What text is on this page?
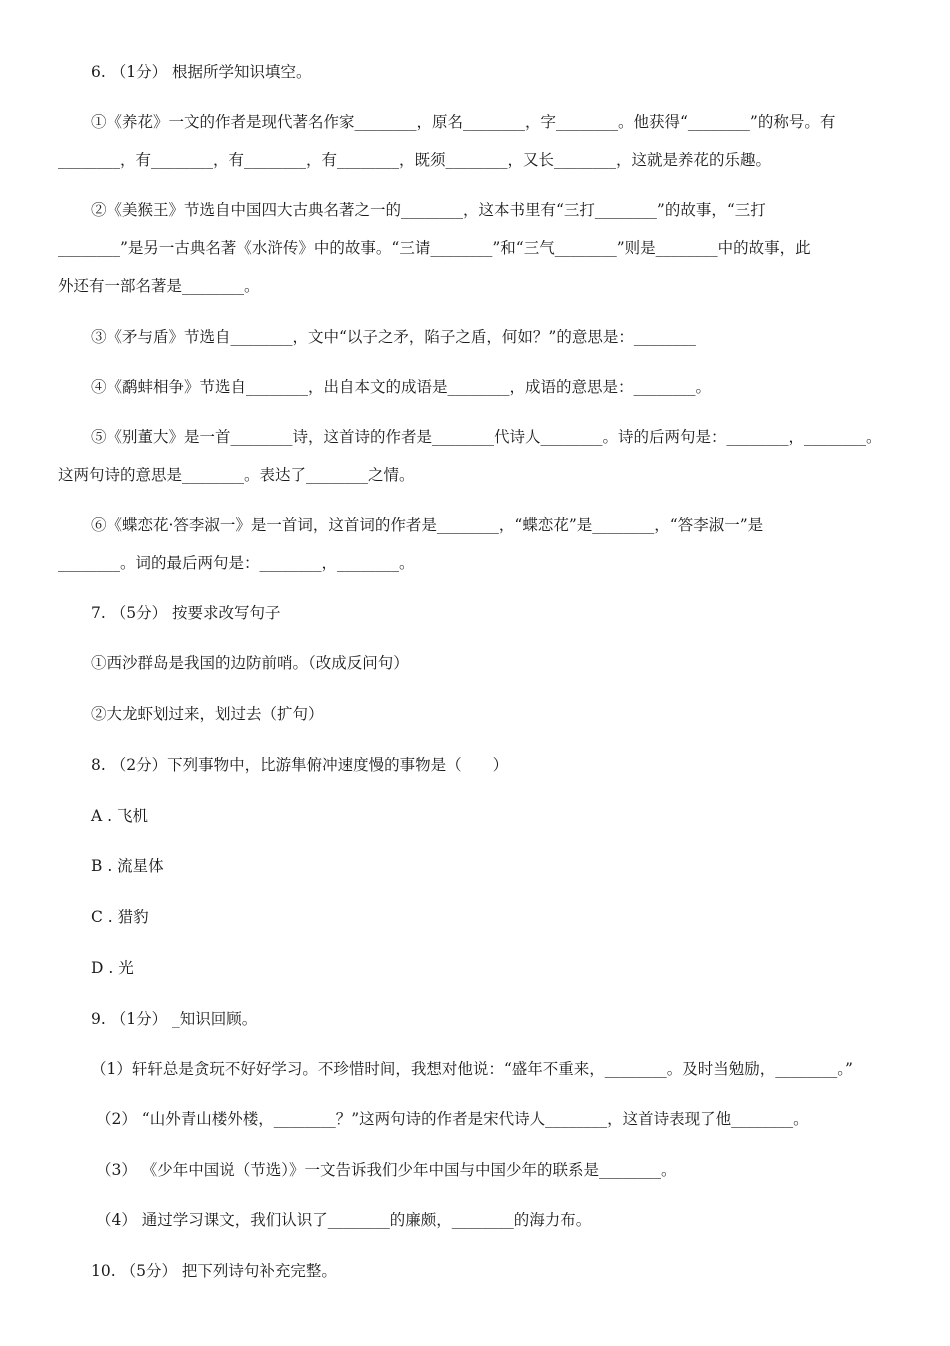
6. （1分） 根据所学知识填空。
①《养花》一文的作者是现代著名作家________，原名________，字________。他获得“________”的称号。有
________，有________，有________，有________，既须________，又长________，这就是养花的乐趣。
②《美猴王》节选自中国四大古典名著之一的________，这本书里有“三打________”的故事，“三打
________”是另一古典名著《水浒传》中的故事。“三请________”和“三气________”则是________中的故事，此
外还有一部名著是________。
③《矛与盾》节选自________，文中“以子之矛，陷子之盾，何如？”的意思是：________
④《鹬蚌相争》节选自________，出自本文的成语是________，成语的意思是：________。
⑤《别董大》是一首________诗，这首诗的作者是________代诗人________。诗的后两句是：________，________。
这两句诗的意思是________。表达了________之情。
⑥《蝶恋花·答李淑一》是一首词，这首词的作者是________，“蝶恋花”是________，“答李淑一”是
________。词的最后两句是：________，________。
7. （5分） 按要求改写句子
①西沙群岛是我国的边防前哨。（改成反问句）
②大龙虾划过来，划过去（扩句）
8. （2分）下列事物中，比游隼俯冲速度慢的事物是（　　）
A . 飞机
B . 流星体
C . 猎豹
D . 光
9. （1分） _知识回顾。
（1）轩轩总是贪玩不好好学习。不珍惜时间，我想对他说：“盛年不重来，________。及时当勉励，________。”
（2） “山外青山楼外楼，________？”这两句诗的作者是宋代诗人________，这首诗表现了他________。
（3） 《少年中国说（节选）》一文告诉我们少年中国与中国少年的联系是________。
（4） 通过学习课文，我们认识了________的廉颇，________的海力布。
10. （5分） 把下列诗句补充完整。
